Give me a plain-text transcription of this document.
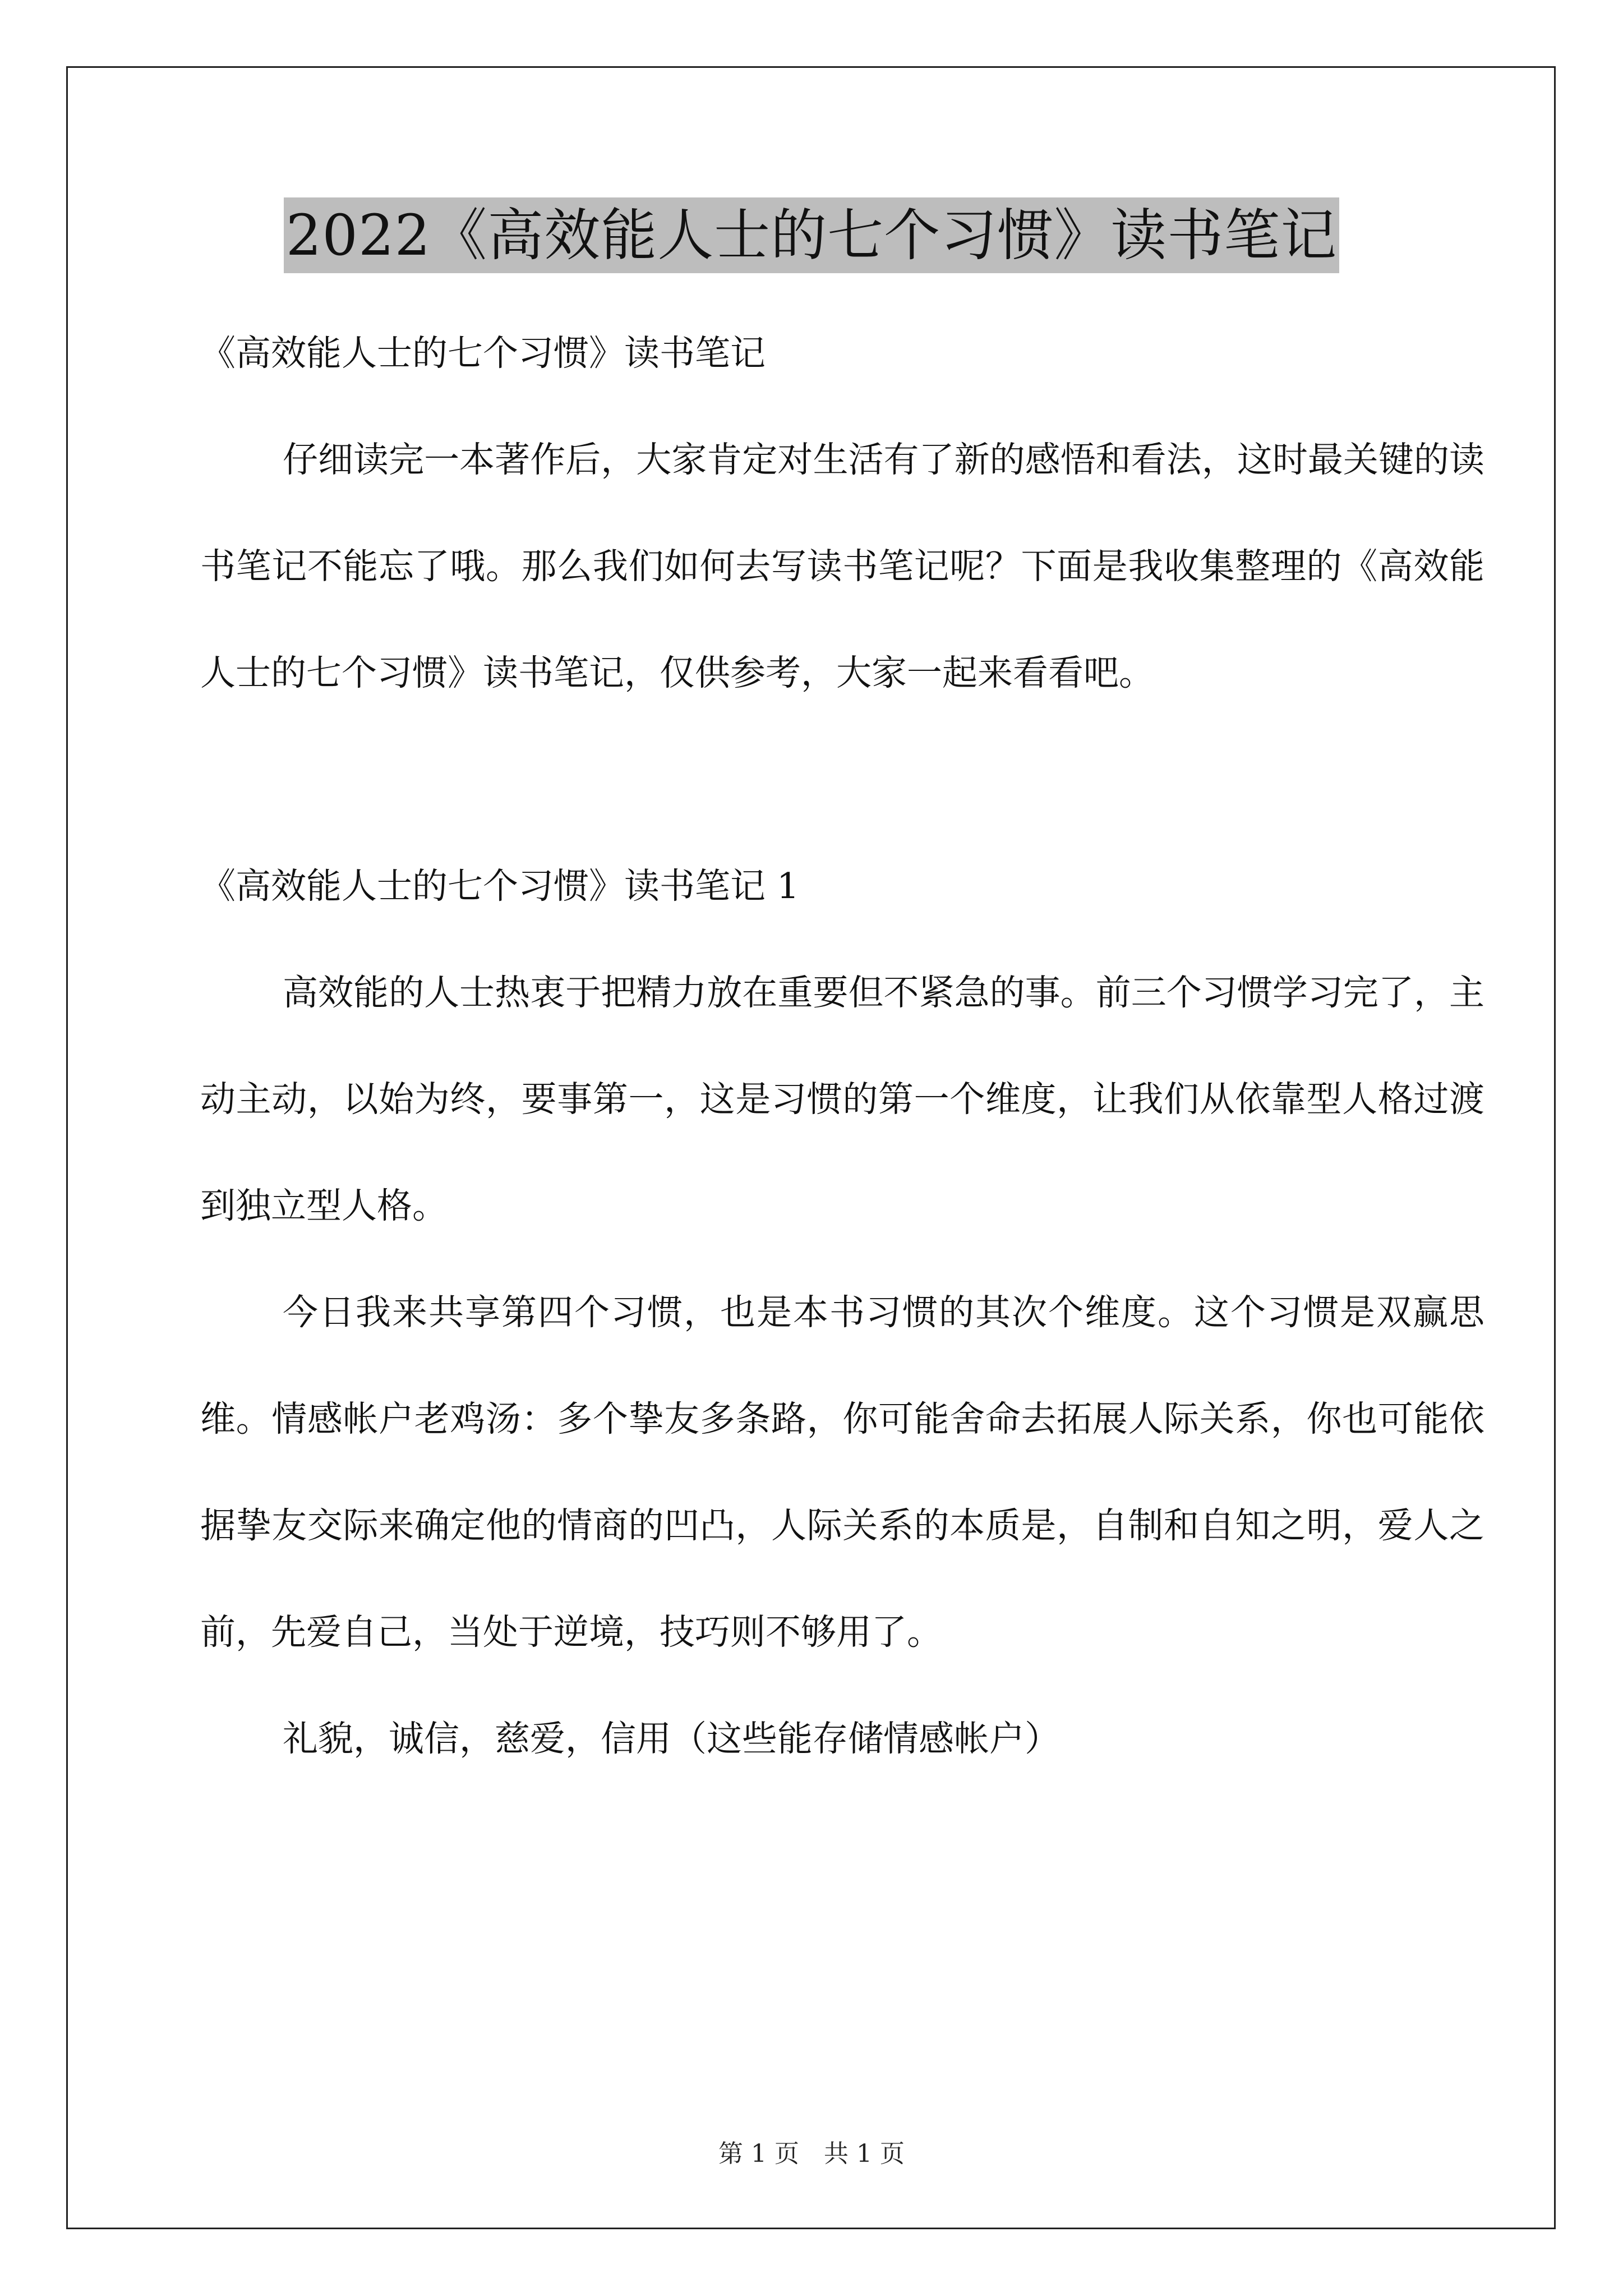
2022《高效能人士的七个习惯》读书笔记

《高效能人士的七个习惯》读书笔记

仔细读完一本著作后，大家肯定对生活有了新的感悟和看法，这时最关键的读书笔记不能忘了哦。那么我们如何去写读书笔记呢？下面是我收集整理的《高效能人士的七个习惯》读书笔记，仅供参考，大家一起来看看吧。

《高效能人士的七个习惯》读书笔记 1

高效能的人士热衷于把精力放在重要但不紧急的事。前三个习惯学习完了，主动主动，以始为终，要事第一，这是习惯的第一个维度，让我们从依靠型人格过渡到独立型人格。

今日我来共享第四个习惯，也是本书习惯的其次个维度。这个习惯是双赢思维。情感帐户老鸡汤：多个挚友多条路，你可能舍命去拓展人际关系，你也可能依据挚友交际来确定他的情商的凹凸，人际关系的本质是，自制和自知之明，爱人之前，先爱自己，当处于逆境，技巧则不够用了。

礼貌，诚信，慈爱，信用（这些能存储情感帐户）

第 1 页　共 1 页
